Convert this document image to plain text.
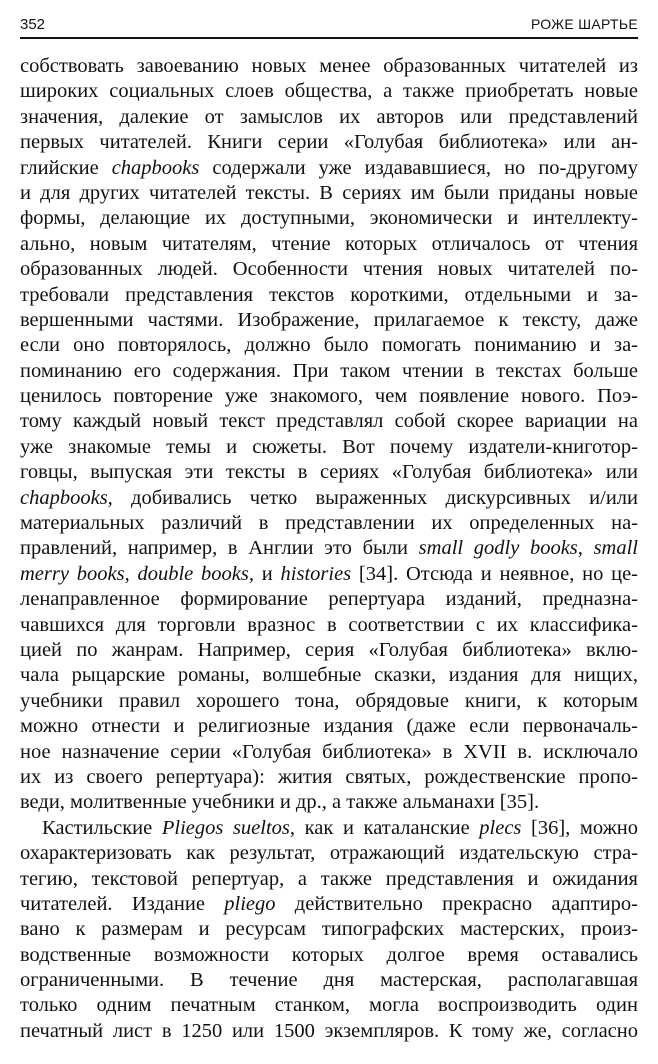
352	РОЖЕ ШАРТЬЕ
собствовать завоеванию новых менее образованных читателей из
широких социальных слоев общества, а также приобретать новые
значения, далекие от замыслов их авторов или представлений
первых читателей. Книги серии «Голубая библиотека» или ан-
глийские chapbooks содержали уже издававшиеся, но по-другому
и для других читателей тексты. В сериях им были приданы новые
формы, делающие их доступными, экономически и интеллекту-
ально, новым читателям, чтение которых отличалось от чтения
образованных людей. Особенности чтения новых читателей по-
требовали представления текстов короткими, отдельными и за-
вершенными частями. Изображение, прилагаемое к тексту, даже
если оно повторялось, должно было помогать пониманию и за-
поминанию его содержания. При таком чтении в текстах больше
ценилось повторение уже знакомого, чем появление нового. Поэ-
тому каждый новый текст представлял собой скорее вариации на
уже знакомые темы и сюжеты. Вот почему издатели-книготор-
говцы, выпуская эти тексты в сериях «Голубая библиотека» или
chapbooks, добивались четко выраженных дискурсивных и/или
материальных различий в представлении их определенных на-
правлений, например, в Англии это были small godly books, small
merry books, double books, и histories [34]. Отсюда и неявное, но це-
ленаправленное формирование репертуара изданий, предназна-
чавшихся для торговли вразнос в соответствии с их классифика-
цией по жанрам. Например, серия «Голубая библиотека» вклю-
чала рыцарские романы, волшебные сказки, издания для нищих,
учебники правил хорошего тона, обрядовые книги, к которым
можно отнести и религиозные издания (даже если первоначаль-
ное назначение серии «Голубая библиотека» в XVII в. исключало
их из своего репертуара): жития святых, рождественские пропо-
веди, молитвенные учебники и др., а также альманахи [35].
Кастильские Pliegos sueltos, как и каталанские plecs [36], можно
охарактеризовать как результат, отражающий издательскую стра-
тегию, текстовой репертуар, а также представления и ожидания
читателей. Издание pliego действительно прекрасно адаптиро-
вано к размерам и ресурсам типографских мастерских, произ-
водственные возможности которых долгое время оставались
ограниченными. В течение дня мастерская, располагавшая
только одним печатным станком, могла воспроизводить один
печатный лист в 1250 или 1500 экземпляров. К тому же, согласно
